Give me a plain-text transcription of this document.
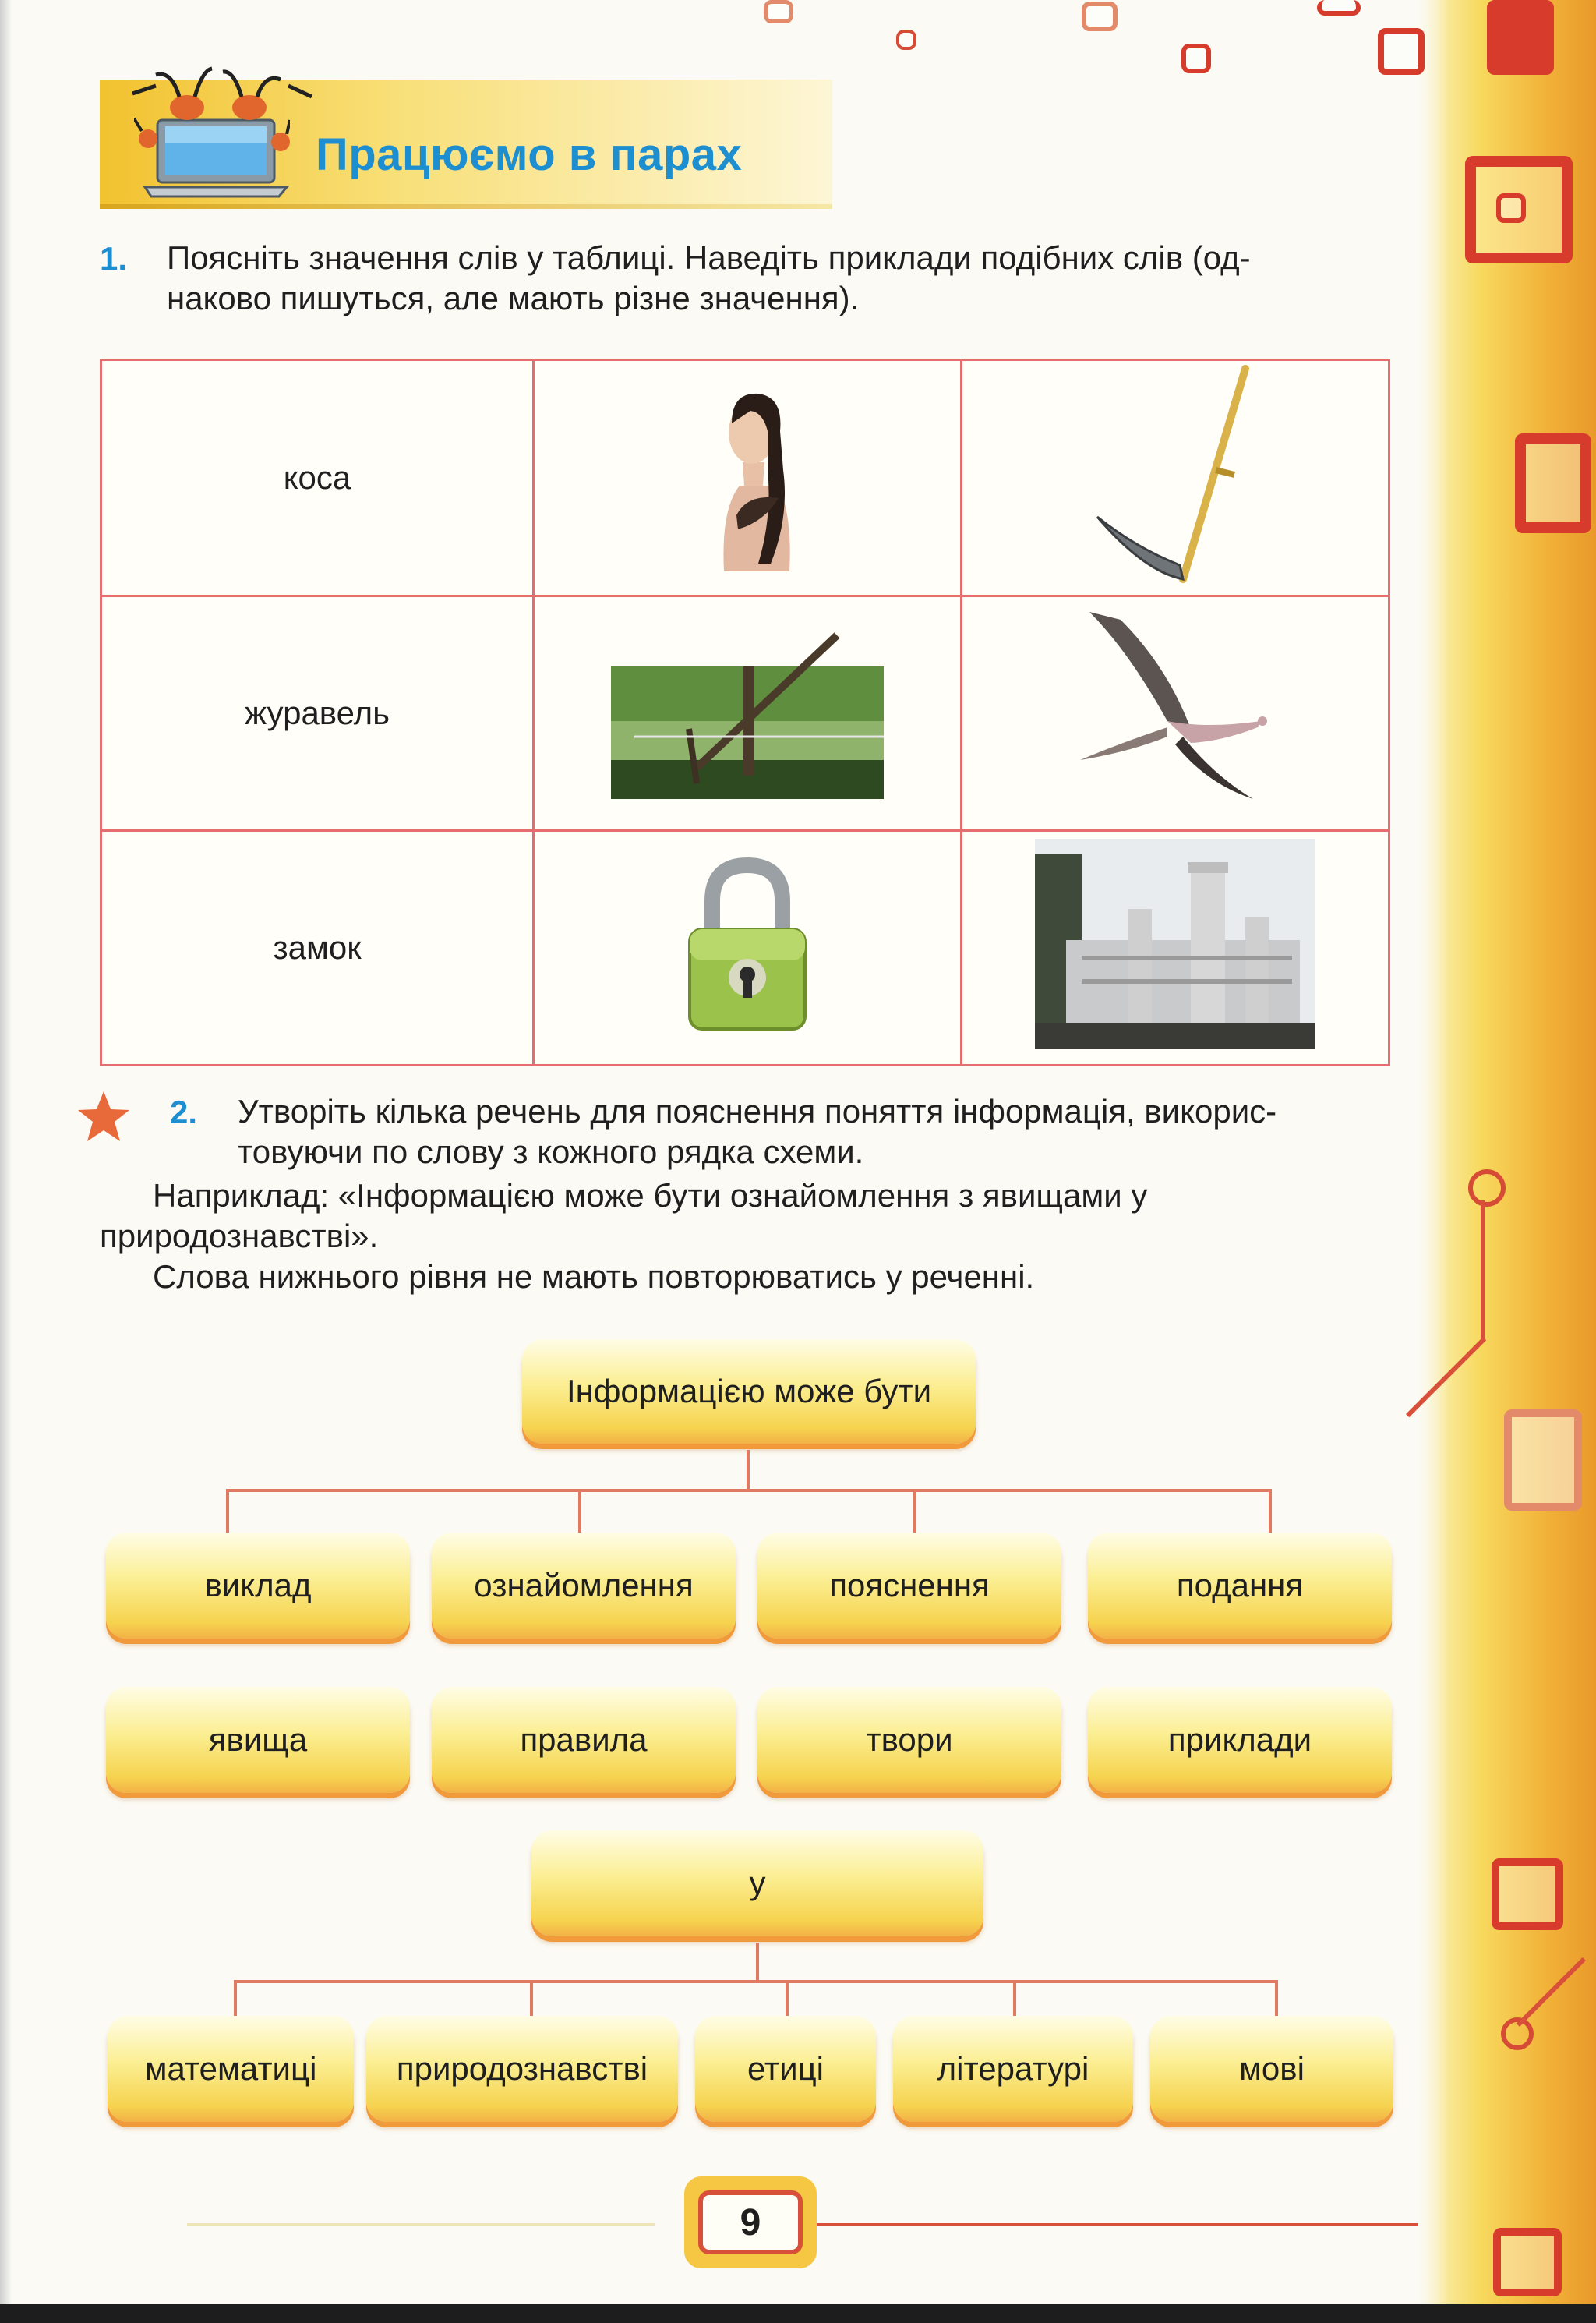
Працюємо в парах
1. Поясніть значення слів у таблиці. Наведіть приклади подібних слів (од-
наково пишуться, але мають різне значення).
коса		
журавель		
замок		
2. Утворіть кілька речень для пояснення поняття інформація, викорис-
товуючи по слову з кожного рядка схеми.
Наприклад: «Інформацією може бути ознайомлення з явищами у
природознавстві».
Слова нижнього рівня не мають повторюватись у реченні.
Інформацією може бути
виклад	ознайомлення	пояснення	подання
явища	правила	твори	приклади
у
математиці	природознавстві	етиці	літературі	мові
9
